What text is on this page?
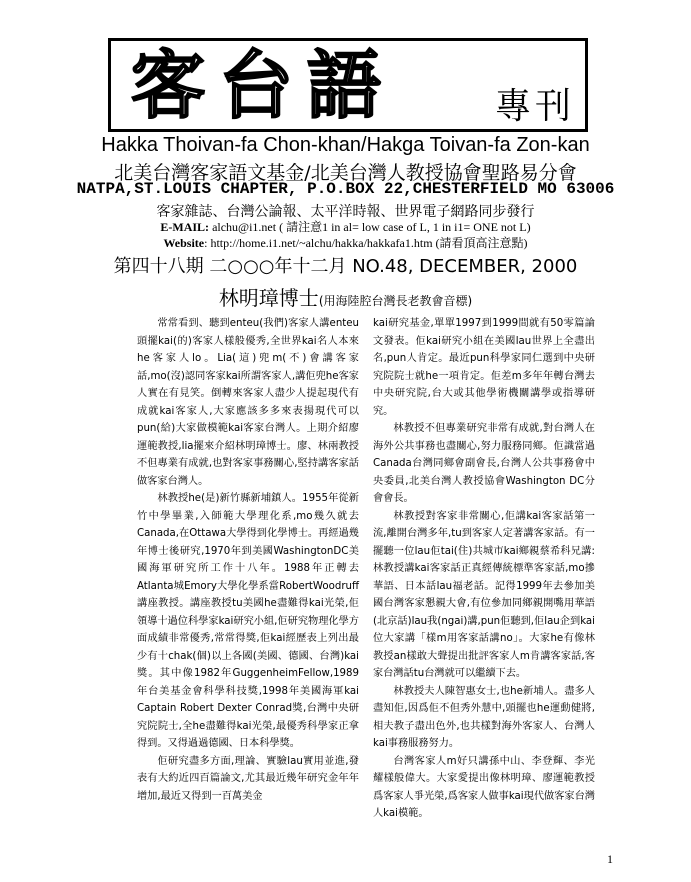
客台語	專刊
Hakka Thoivan-fa Chon-khan/Hakga Toivan-fa Zon-kan
北美台灣客家語文基金/北美台灣人教授協會聖路易分會
NATPA,ST.LOUIS CHAPTER, P.O.BOX 22,CHESTERFIELD MO 63006
客家雜誌、台灣公論報、太平洋時報、世界電子網路同步發行
E-MAIL: alchu@i1.net ( 請注意1 in al= low case of L, 1 in i1= ONE not L)
Website: http://home.i1.net/~alchu/hakka/hakkafa1.htm (請看頂高注意點)
第四十八期 二○○○年十二月 NO.48, DECEMBER, 2000
林明璋博士(用海陸腔台灣長老教會音標)

常常看到、聽到enteu(我們)客家人講enteu頭擺kai(的)客家人樣般優秀,全世界kai名人本來he客家人lo。Lia(這)兜m(不)會講客家話,mo(沒)認同客家kai所謂客家人,講佢兜he客家人實在有見笑。倒轉來客家人盡少人提起現代有成就kai客家人,大家應該多多來表揚現代可以pun(給)大家做模範kai客家台灣人。上期介紹廖運範教授,lia擺來介紹林明璋博士。廖、林兩教授不但專業有成就,也對客家事務關心,堅持講客家話做客家台灣人。

林教授he(是)新竹縣新埔鎮人。1955年從新竹中學畢業,入師範大學理化系,mo幾久就去Canada,在Ottawa大學得到化學博士。再經過幾年博士後研究,1970年到美國WashingtonDC美國海軍研究所工作十八年。1988年正轉去Atlanta城Emory大學化學系當RobertWoodruff講座教授。講座教授tu美國he盡難得kai光榮,佢領導十過位科學家kai研究小組,佢研究物理化學方面成績非常優秀,常常得獎,佢kai經歷表上列出最少有十chak(個)以上各國(美國、德國、台灣)kai獎。其中像1982年GuggenheimFellow,1989年台美基金會科學科技獎,1998年美國海軍kai Captain Robert Dexter Conrad獎,台灣中央研究院院士,全he盡難得kai光榮,最優秀科學家正拿得到。又得過過德國、日本科學獎。

佢研究盡多方面,理論、實驗lau實用並進,發表有大約近四百篇論文,尤其最近幾年研究金年年增加,最近又得到一百萬美金

kai研究基金,單單1997到1999間就有50零篇論文發表。佢kai研究小組在美國lau世界上全盡出名,pun人肯定。最近pun科學家同仁選到中央研究院院士就he一項肯定。佢差m多年年轉台灣去中央研究院,台大或其他學術機關講學或指導研究。

林教授不但專業研究非常有成就,對台灣人在海外公共事務也盡關心,努力服務同鄉。佢識當過Canada台灣同鄉會副會長,台灣人公共事務會中央委員,北美台灣人教授協會Washington DC分會會長。

林教授對客家非常關心,佢講kai客家話第一流,離開台灣多年,tu到客家人定著講客家話。有一擺聽一位lau佢tai(住)共城市kai鄉親蔡希科兄講:林教授講kai客家話正真經傳統標準客家話,mo摻華語、日本話lau福老話。記得1999年去參加美國台灣客家懇親大會,有位參加同鄉親開嘴用華語(北京話)lau我(ngai)講,pun佢聽到,佢lau企到kai位大家講「樣m用客家話講no」。大家he有像林教授an樣敢大聲提出批評客家人m肯講客家話,客家台灣話tu台灣就可以繼續下去。

林教授夫人陳智惠女士,也he新埔人。盡多人盡知佢,因爲佢不但秀外慧中,頭擺也he運動健將,相夫教子盡出色外,也共樣對海外客家人、台灣人kai事務服務努力。

台灣客家人m好只講孫中山、李登輝、李光耀樣般偉大。大家愛提出像林明璋、廖運範教授爲客家人爭光榮,爲客家人做事kai現代做客家台灣人kai模範。

1
